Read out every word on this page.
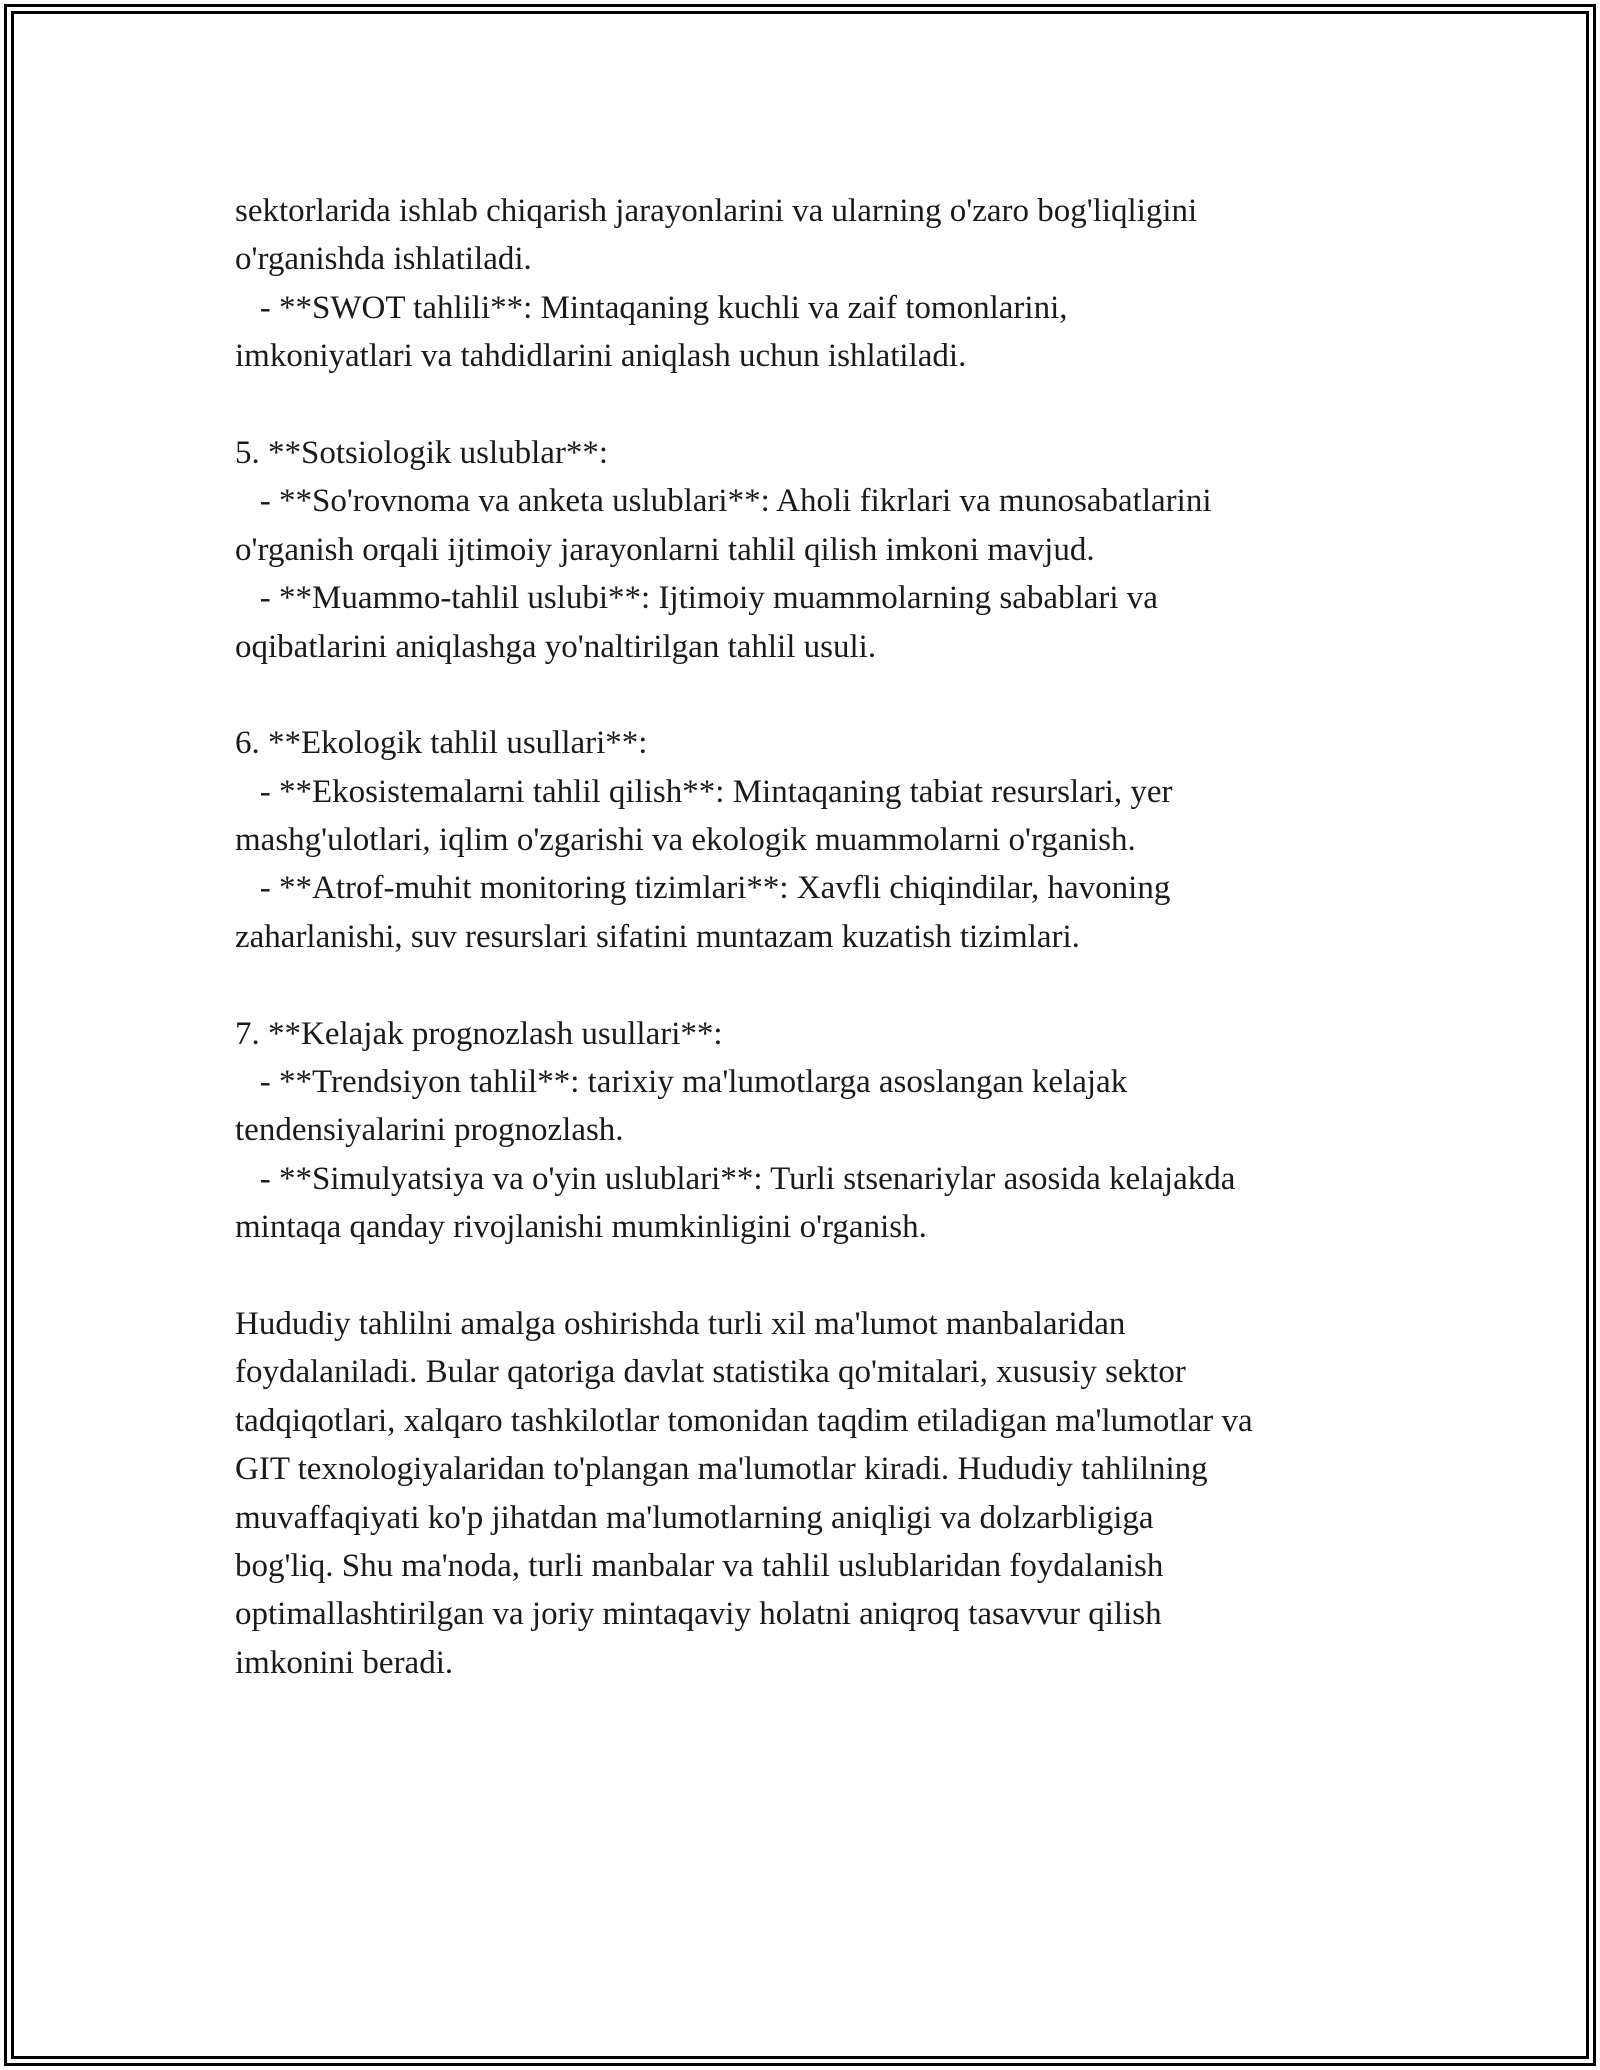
sektorlarida ishlab chiqarish jarayonlarini va ularning o'zaro bog'liqligini
o'rganishda ishlatiladi.
- **SWOT tahlili**: Mintaqaning kuchli va zaif tomonlarini,
imkoniyatlari va tahdidlarini aniqlash uchun ishlatiladi.
5. **Sotsiologik uslublar**:
- **So'rovnoma va anketa uslublari**: Aholi fikrlari va munosabatlarini
o'rganish orqali ijtimoiy jarayonlarni tahlil qilish imkoni mavjud.
- **Muammo-tahlil uslubi**: Ijtimoiy muammolarning sabablari va
oqibatlarini aniqlashga yo'naltirilgan tahlil usuli.
6. **Ekologik tahlil usullari**:
- **Ekosistemalarni tahlil qilish**: Mintaqaning tabiat resurslari, yer
mashg'ulotlari, iqlim o'zgarishi va ekologik muammolarni o'rganish.
- **Atrof-muhit monitoring tizimlari**: Xavfli chiqindilar, havoning
zaharlanishi, suv resurslari sifatini muntazam kuzatish tizimlari.
7. **Kelajak prognozlash usullari**:
- **Trendsiyon tahlil**: tarixiy ma'lumotlarga asoslangan kelajak
tendensiyalarini prognozlash.
- **Simulyatsiya va o'yin uslublari**: Turli stsenariylar asosida kelajakda
mintaqa qanday rivojlanishi mumkinligini o'rganish.
Hududiy tahlilni amalga oshirishda turli xil ma'lumot manbalaridan
foydalaniladi. Bular qatoriga davlat statistika qo'mitalari, xususiy sektor
tadqiqotlari, xalqaro tashkilotlar tomonidan taqdim etiladigan ma'lumotlar va
GIT texnologiyalaridan to'plangan ma'lumotlar kiradi. Hududiy tahlilning
muvaffaqiyati ko'p jihatdan ma'lumotlarning aniqligi va dolzarbligiga
bog'liq. Shu ma'noda, turli manbalar va tahlil uslublaridan foydalanish
optimallashtirilgan va joriy mintaqaviy holatni aniqroq tasavvur qilish
imkonini beradi.
